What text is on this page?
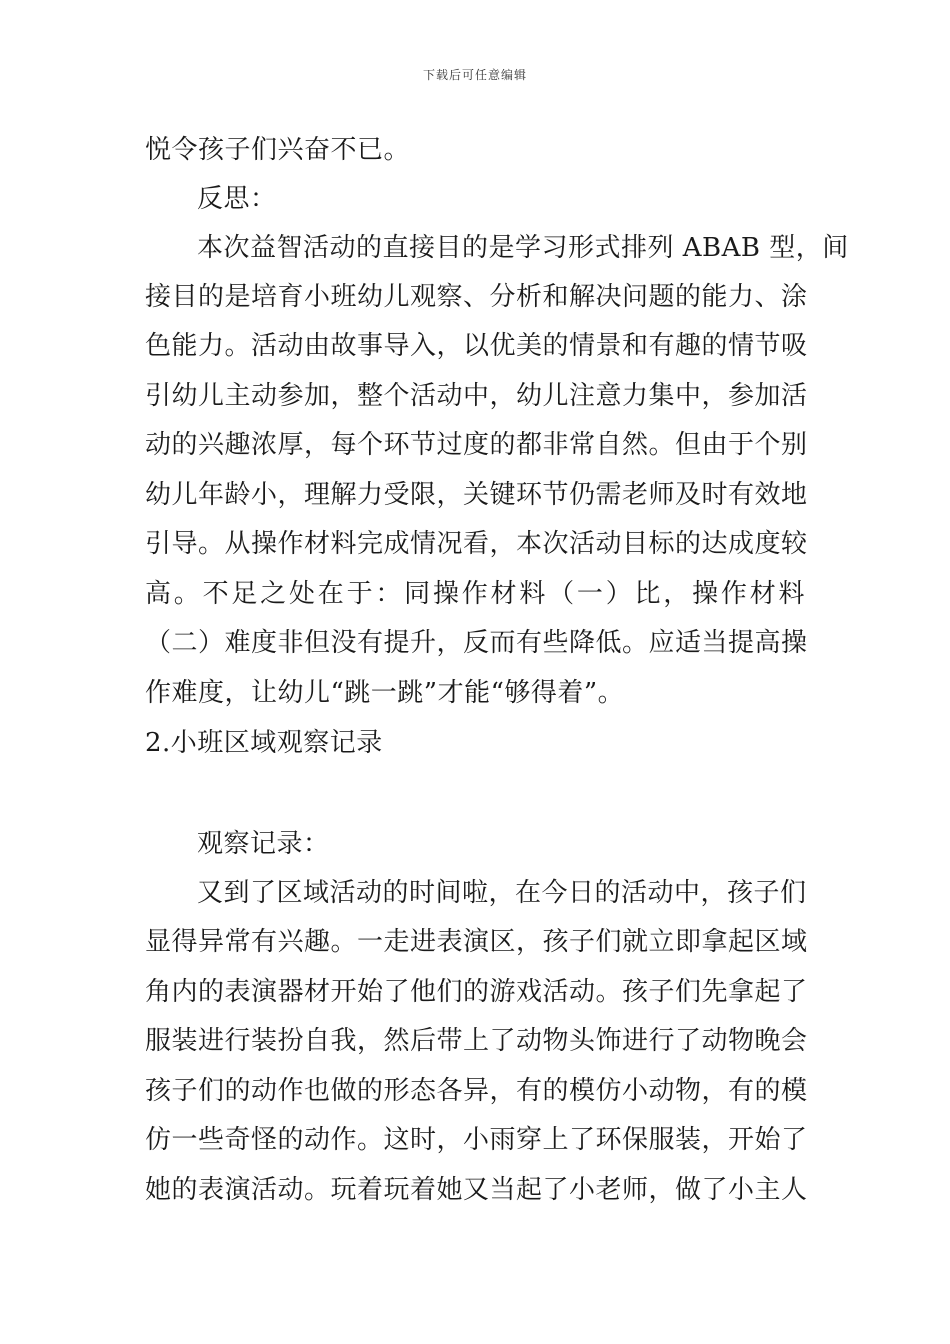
下载后可任意编辑
悦令孩子们兴奋不已。
反思：
本次益智活动的直接目的是学习形式排列 ABAB 型，间
接目的是培育小班幼儿观察、分析和解决问题的能力、涂
色能力。活动由故事导入，以优美的情景和有趣的情节吸
引幼儿主动参加，整个活动中，幼儿注意力集中，参加活
动的兴趣浓厚，每个环节过度的都非常自然。但由于个别
幼儿年龄小，理解力受限，关键环节仍需老师及时有效地
引导。从操作材料完成情况看，本次活动目标的达成度较
高。不足之处在于：同操作材料（一）比，操作材料
（二）难度非但没有提升，反而有些降低。应适当提高操
作难度，让幼儿“跳一跳”才能“够得着”。
2.小班区域观察记录
观察记录：
又到了区域活动的时间啦，在今日的活动中，孩子们
显得异常有兴趣。一走进表演区，孩子们就立即拿起区域
角内的表演器材开始了他们的游戏活动。孩子们先拿起了
服装进行装扮自我，然后带上了动物头饰进行了动物晚会
孩子们的动作也做的形态各异，有的模仿小动物，有的模
仿一些奇怪的动作。这时，小雨穿上了环保服装，开始了
她的表演活动。玩着玩着她又当起了小老师，做了小主人
